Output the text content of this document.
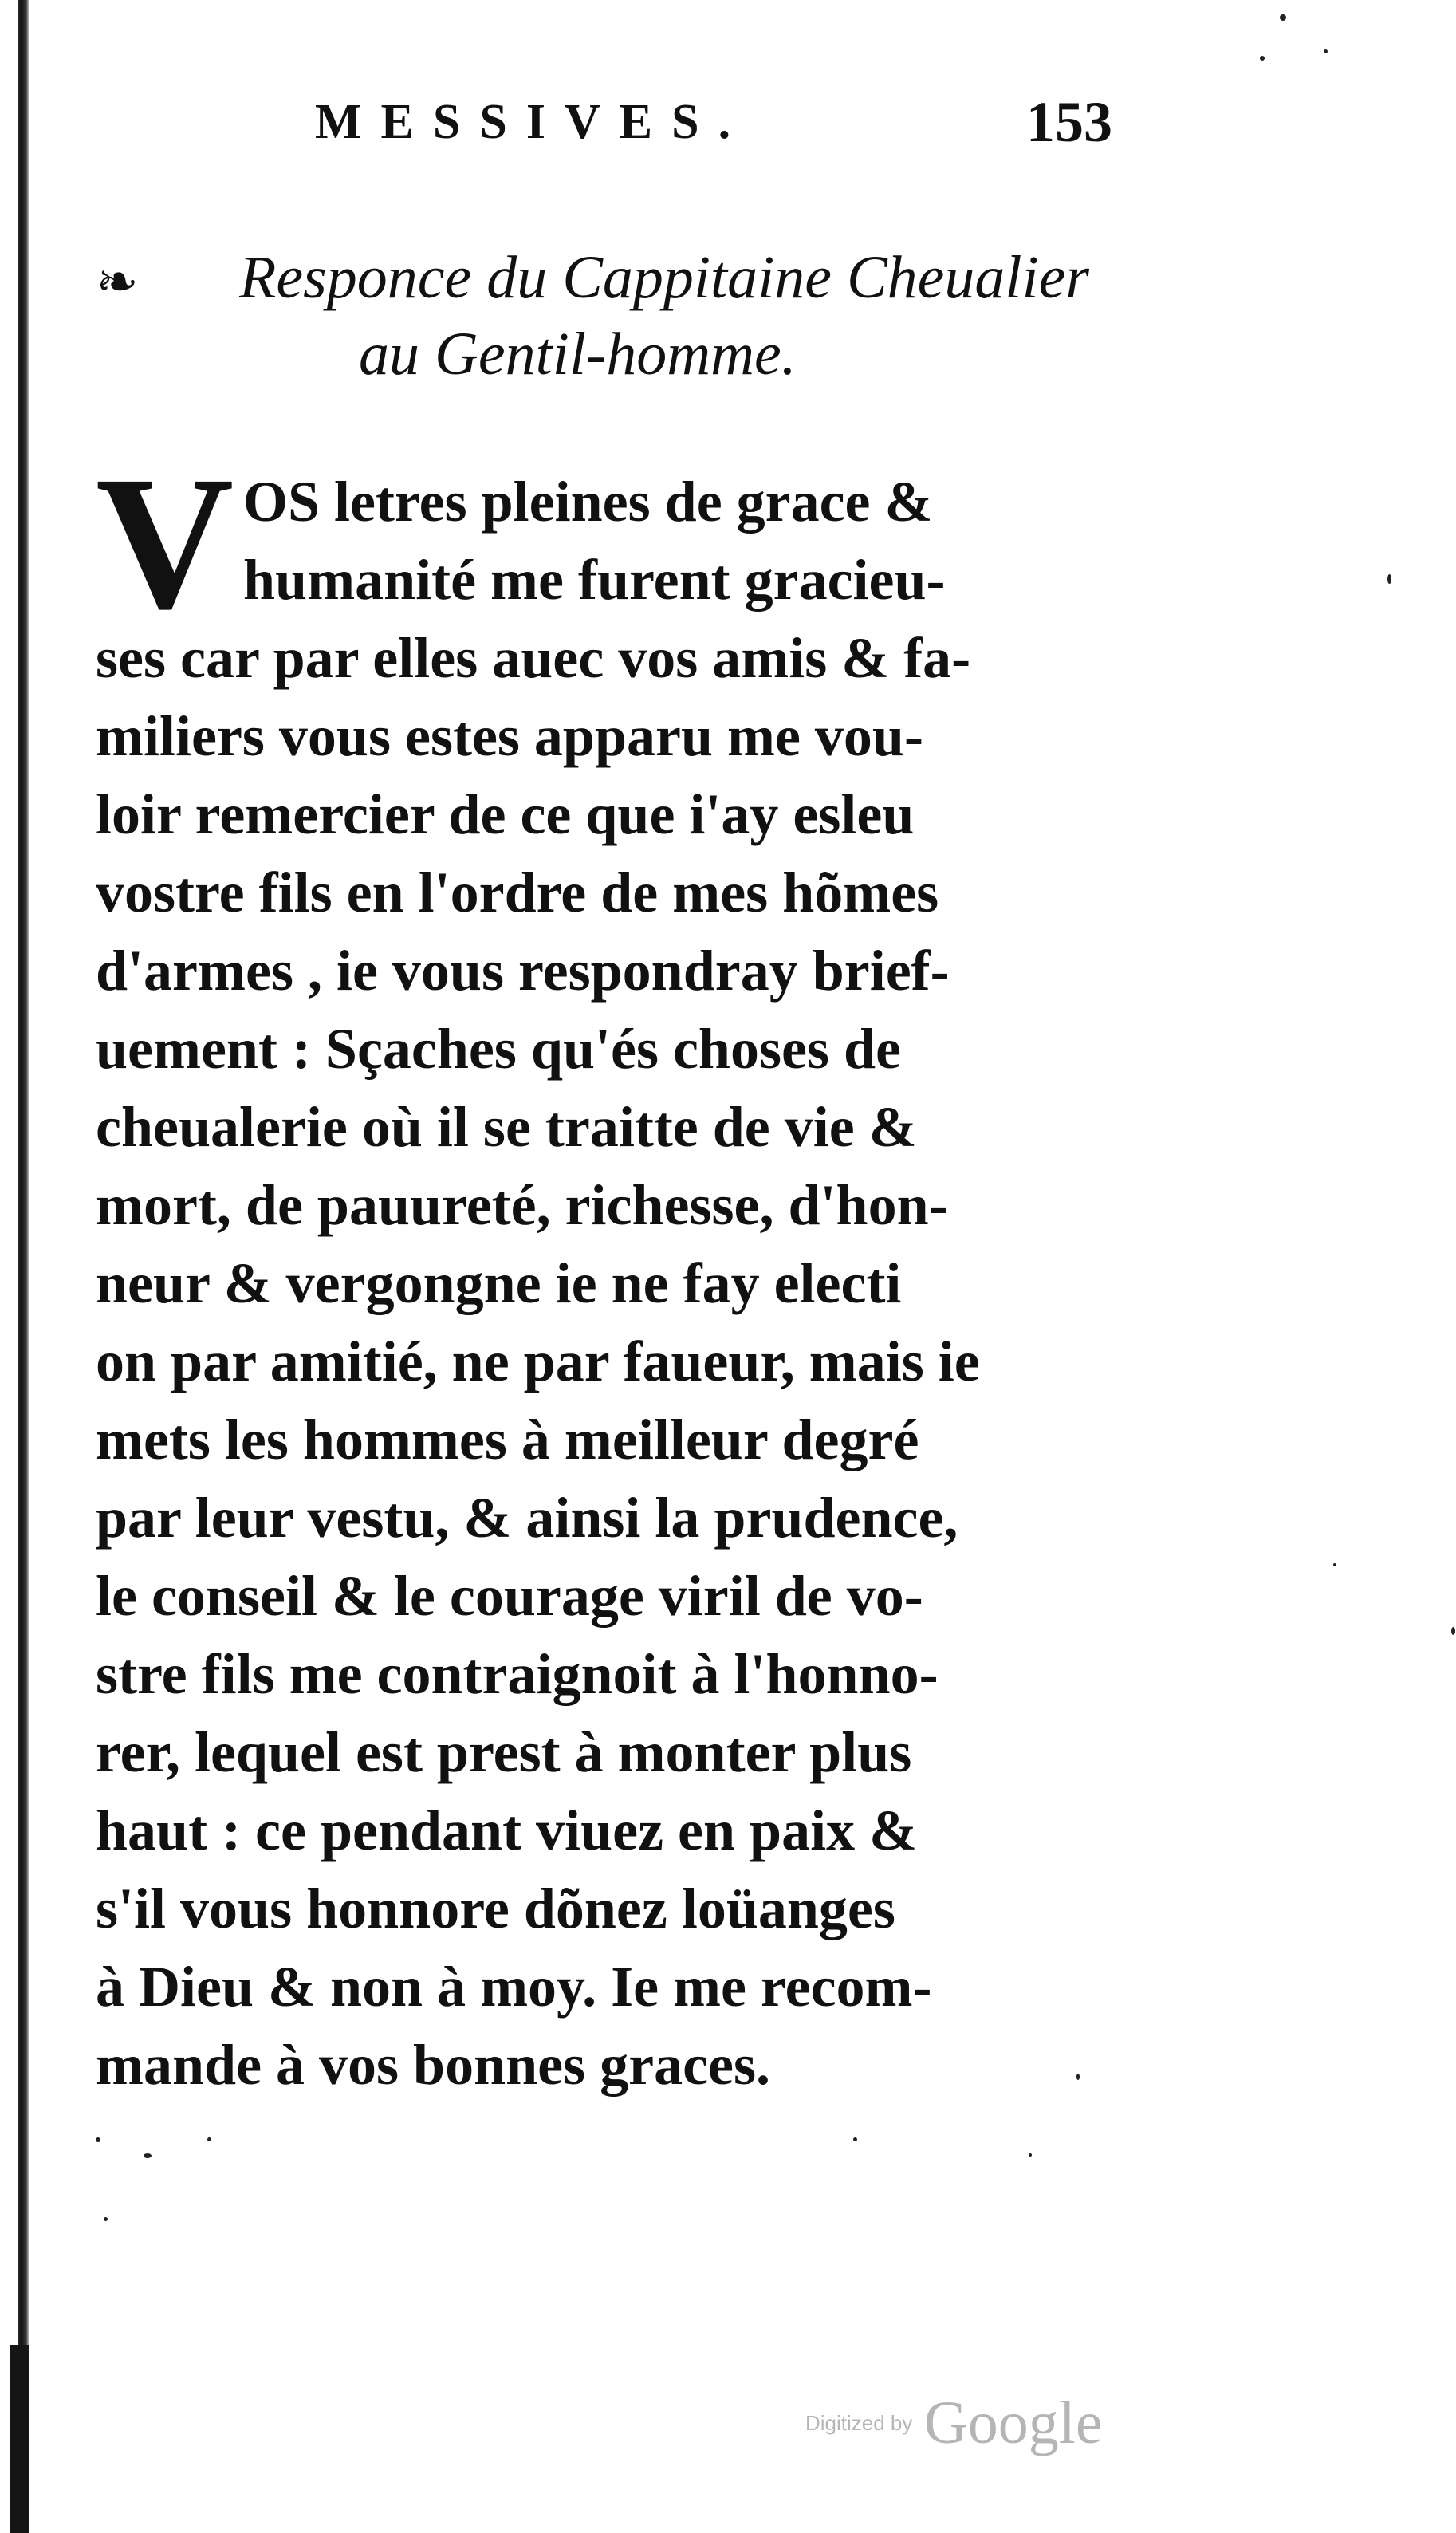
MESSIVES.	153
❧ Responce du Cappitaine Cheualier
au Gentil-homme.
V OS letres pleines de grace &
humanité me furent gracieu-
ses car par elles auec vos amis & fa-
miliers vous estes apparu me vou-
loir remercier de ce que i'ay esleu
vostre fils en l'ordre de mes hõmes
d'armes , ie vous respondray brief-
uement : Sçaches qu'és choses de
cheualerie où il se traitte de vie &
mort, de pauureté, richesse, d'hon-
neur & vergongne ie ne fay electi
on par amitié, ne par faueur, mais ie
mets les hommes à meilleur degré
par leur vestu, & ainsi la prudence,
le conseil & le courage viril de vo-
stre fils me contraignoit à l'honno-
rer, lequel est prest à monter plus
haut : ce pendant viuez en paix &
s'il vous honnore dõnez loüanges
à Dieu & non à moy. Ie me recom-
mande à vos bonnes graces.
Digitized by Google
